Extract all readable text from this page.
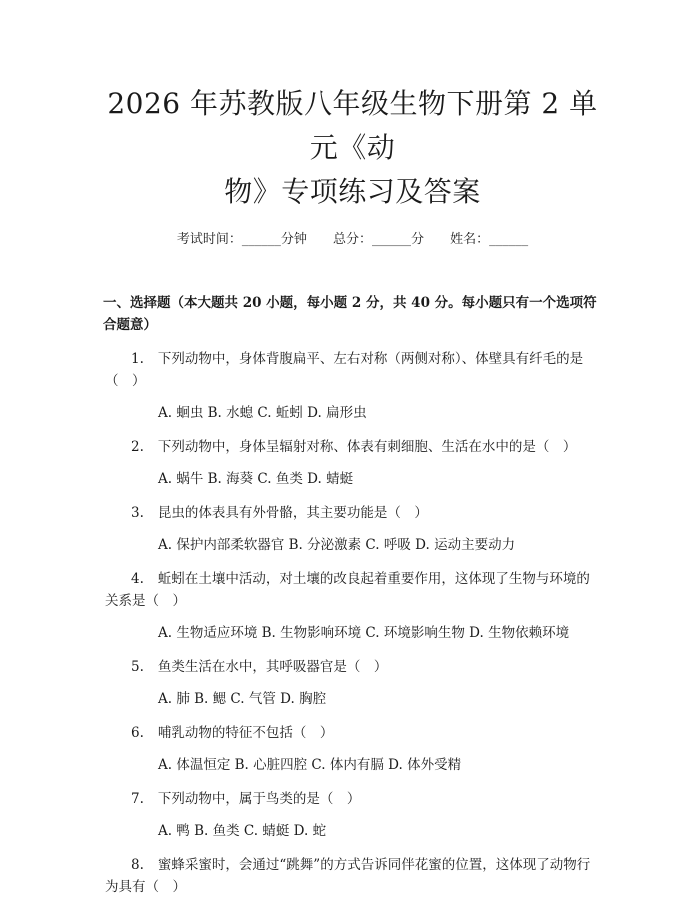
2026 年苏教版八年级生物下册第 2 单元《动
物》专项练习及答案
考试时间：______分钟 总分：______分 姓名：______
一、选择题（本大题共 20 小题，每小题 2 分，共 40 分。每小题只有一个选项符合题意）
1. 下列动物中，身体背腹扁平、左右对称（两侧对称）、体壁具有纤毛的是（　）
A. 蛔虫 B. 水螅 C. 蚯蚓 D. 扁形虫
2. 下列动物中，身体呈辐射对称、体表有刺细胞、生活在水中的是（　）
A. 蜗牛 B. 海葵 C. 鱼类 D. 蜻蜓
3. 昆虫的体表具有外骨骼，其主要功能是（　）
A. 保护内部柔软器官 B. 分泌激素 C. 呼吸 D. 运动主要动力
4. 蚯蚓在土壤中活动，对土壤的改良起着重要作用，这体现了生物与环境的关系是（　）
A. 生物适应环境 B. 生物影响环境 C. 环境影响生物 D. 生物依赖环境
5. 鱼类生活在水中，其呼吸器官是（　）
A. 肺 B. 鳃 C. 气管 D. 胸腔
6. 哺乳动物的特征不包括（　）
A. 体温恒定 B. 心脏四腔 C. 体内有膈 D. 体外受精
7. 下列动物中，属于鸟类的是（　）
A. 鸭 B. 鱼类 C. 蜻蜓 D. 蛇
8. 蜜蜂采蜜时，会通过“跳舞”的方式告诉同伴花蜜的位置，这体现了动物行为具有（　）
